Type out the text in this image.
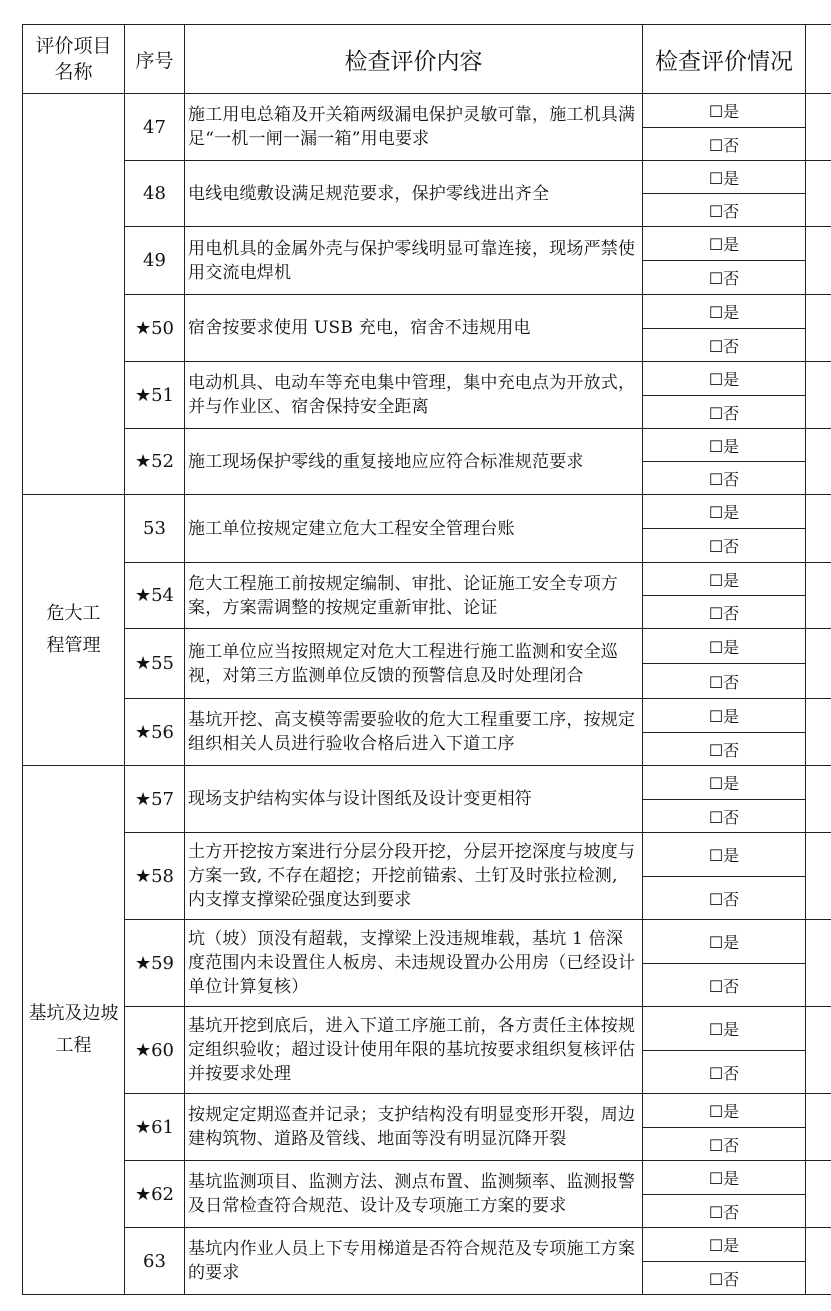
评价项目名称	序号	检查评价内容	检查评价情况	
	47	施工用电总箱及开关箱两级漏电保护灵敏可靠，施工机具满足“一机一闸一漏一箱”用电要求	☐是	
			☐否	
	48	电线电缆敷设满足规范要求，保护零线进出齐全	☐是	
			☐否	
	49	用电机具的金属外壳与保护零线明显可靠连接，现场严禁使用交流电焊机	☐是	
			☐否	
	★50	宿舍按要求使用 USB 充电，宿舍不违规用电	☐是	
			☐否	
	★51	电动机具、电动车等充电集中管理，集中充电点为开放式，并与作业区、宿舍保持安全距离	☐是	
			☐否	
	★52	施工现场保护零线的重复接地应应符合标准规范要求	☐是	
			☐否	
危大工程管理	53	施工单位按规定建立危大工程安全管理台账	☐是	
			☐否	
	★54	危大工程施工前按规定编制、审批、论证施工安全专项方案，方案需调整的按规定重新审批、论证	☐是	
			☐否	
	★55	施工单位应当按照规定对危大工程进行施工监测和安全巡视，对第三方监测单位反馈的预警信息及时处理闭合	☐是	
			☐否	
	★56	基坑开挖、高支模等需要验收的危大工程重要工序，按规定组织相关人员进行验收合格后进入下道工序	☐是	
			☐否	
基坑及边坡工程	★57	现场支护结构实体与设计图纸及设计变更相符	☐是	
			☐否	
	★58	土方开挖按方案进行分层分段开挖，分层开挖深度与坡度与方案一致, 不存在超挖；开挖前锚索、土钉及时张拉检测, 内支撑支撑梁砼强度达到要求	☐是	
			☐否	
	★59	坑（坡）顶没有超载，支撑梁上没违规堆载，基坑 1 倍深度范围内未设置住人板房、未违规设置办公用房（已经设计单位计算复核）	☐是	
			☐否	
	★60	基坑开挖到底后，进入下道工序施工前，各方责任主体按规定组织验收；超过设计使用年限的基坑按要求组织复核评估并按要求处理	☐是	
			☐否	
	★61	按规定定期巡查并记录；支护结构没有明显变形开裂，周边建构筑物、道路及管线、地面等没有明显沉降开裂	☐是	
			☐否	
	★62	基坑监测项目、监测方法、测点布置、监测频率、监测报警及日常检查符合规范、设计及专项施工方案的要求	☐是	
			☐否	
	63	基坑内作业人员上下专用梯道是否符合规范及专项施工方案的要求	☐是	
			☐否	
